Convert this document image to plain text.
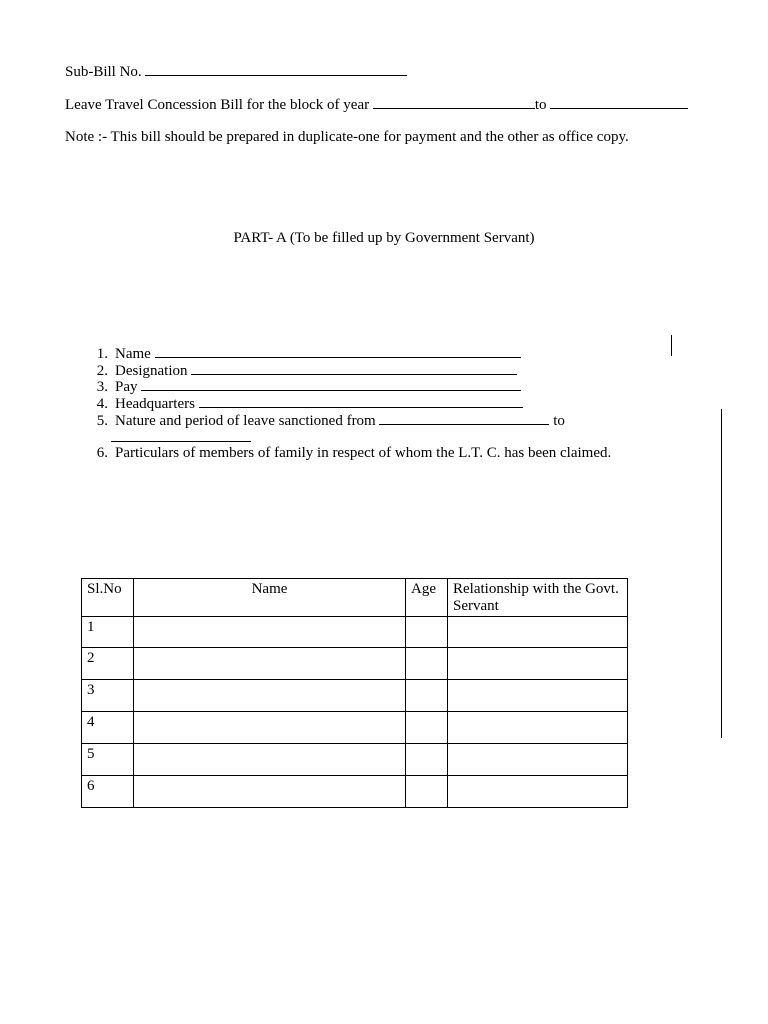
Sub-Bill No.
Leave Travel Concession Bill for the block of year	to
Note :- This bill should be prepared in duplicate-one for payment and the other as office copy.
PART- A (To be filled up by Government Servant)
1. Name
2. Designation
3. Pay
4. Headquarters
5. Nature and period of leave sanctioned from	to
6. Particulars of members of family in respect of whom the L.T. C. has been claimed.
Sl.No	Name	Age	Relationship with the Govt. Servant
1			
2			
3			
4			
5			
6			
